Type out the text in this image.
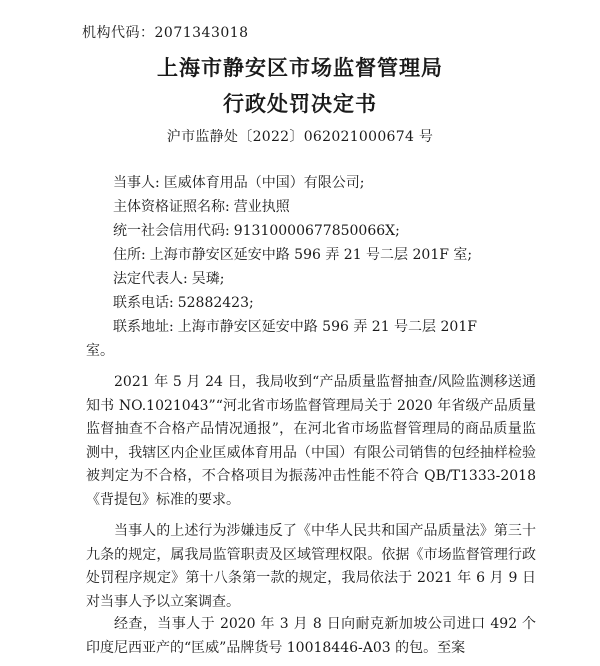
机构代码：2071343018
上海市静安区市场监督管理局
行政处罚决定书
沪市监静处〔2022〕062021000674 号
当事人: 匡威体育用品（中国）有限公司;
主体资格证照名称: 营业执照
统一社会信用代码: 91310000677850066X;
住所: 上海市静安区延安中路 596 弄 21 号二层 201F 室;
法定代表人: 吴璘;
联系电话: 52882423;
联系地址: 上海市静安区延安中路 596 弄 21 号二层 201F
室。

2021 年 5 月 24 日，我局收到“产品质量监督抽查/风险监测移送通知书 NO.1021043”“河北省市场监督管理局关于 2020 年省级产品质量监督抽查不合格产品情况通报”，在河北省市场监督管理局的商品质量监测中，我辖区内企业匡威体育用品（中国）有限公司销售的包经抽样检验被判定为不合格，不合格项目为振荡冲击性能不符合 QB/T1333-2018《背提包》标准的要求。

当事人的上述行为涉嫌违反了《中华人民共和国产品质量法》第三十九条的规定，属我局监管职责及区域管理权限。依据《市场监督管理行政处罚程序规定》第十八条第一款的规定，我局依法于 2021 年 6 月 9 日对当事人予以立案调查。

经查，当事人于 2020 年 3 月 8 日向耐克新加坡公司进口 492 个印度尼西亚产的“匡威”品牌货号 10018446-A03 的包。至案
